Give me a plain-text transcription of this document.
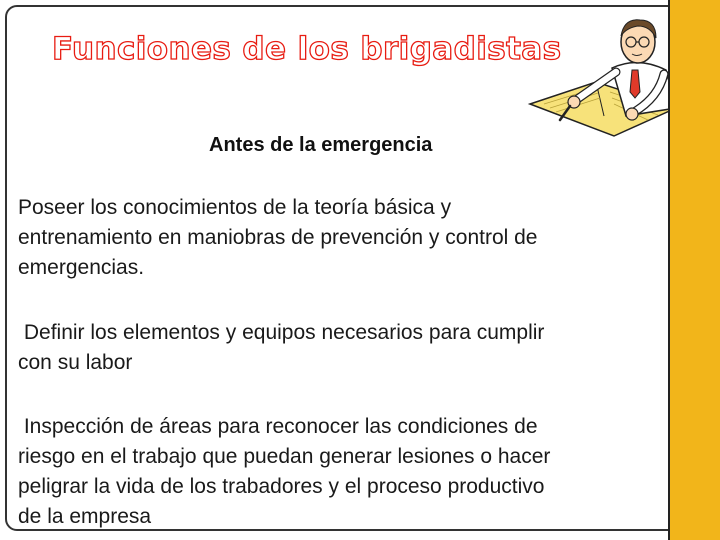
Funciones de los brigadistas
Antes de la emergencia

Poseer los conocimientos de la teoría básica y
entrenamiento en maniobras de prevención y control de
emergencias.

Definir los elementos y equipos necesarios para cumplir
con su labor

Inspección de áreas para reconocer las condiciones de
riesgo en el trabajo que puedan generar lesiones o hacer
peligrar la vida de los trabadores y el proceso productivo
de la empresa
